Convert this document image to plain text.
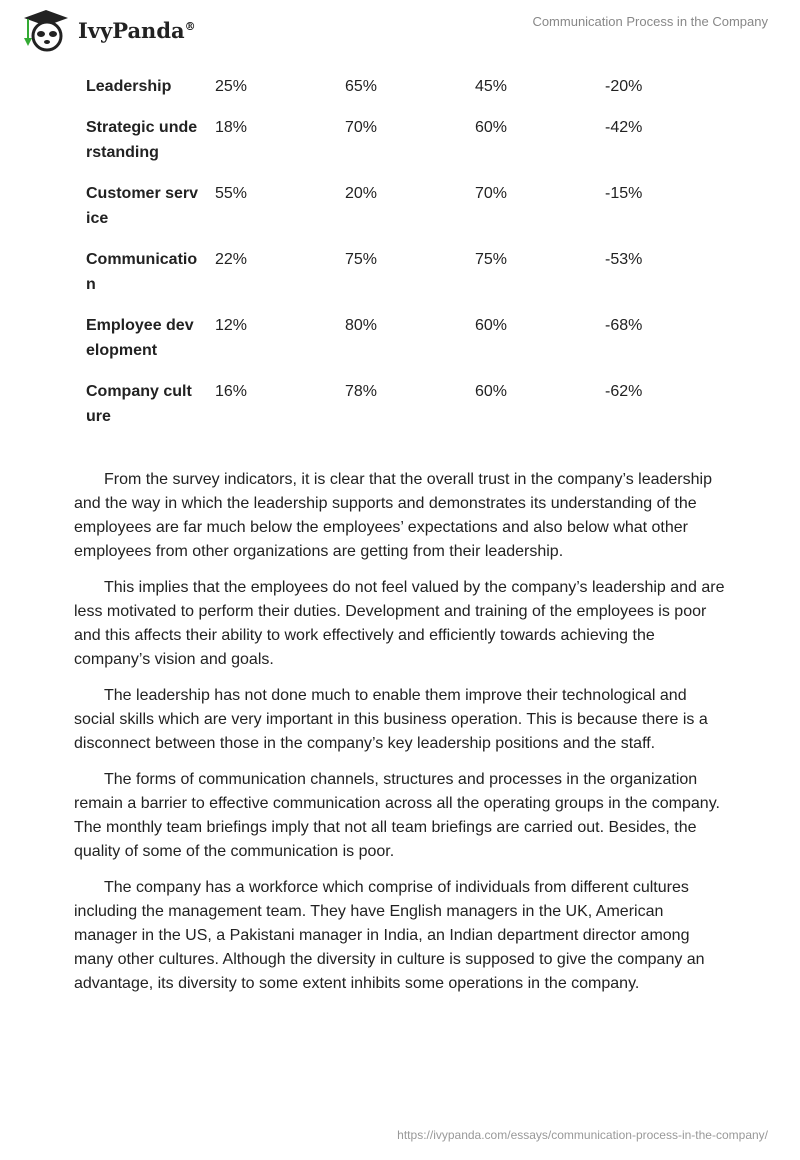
IvyPanda®	Communication Process in the Company
Leadership	25%	65%	45%	-20%
Strategic understanding	18%	70%	60%	-42%
Customer service	55%	20%	70%	-15%
Communication	22%	75%	75%	-53%
Employee development	12%	80%	60%	-68%
Company culture	16%	78%	60%	-62%

From the survey indicators, it is clear that the overall trust in the company’s leadership and the way in which the leadership supports and demonstrates its understanding of the employees are far much below the employees’ expectations and also below what other employees from other organizations are getting from their leadership.

This implies that the employees do not feel valued by the company’s leadership and are less motivated to perform their duties. Development and training of the employees is poor and this affects their ability to work effectively and efficiently towards achieving the company’s vision and goals.

The leadership has not done much to enable them improve their technological and social skills which are very important in this business operation. This is because there is a disconnect between those in the company’s key leadership positions and the staff.

The forms of communication channels, structures and processes in the organization remain a barrier to effective communication across all the operating groups in the company. The monthly team briefings imply that not all team briefings are carried out. Besides, the quality of some of the communication is poor.

The company has a workforce which comprise of individuals from different cultures including the management team. They have English managers in the UK, American manager in the US, a Pakistani manager in India, an Indian department director among many other cultures. Although the diversity in culture is supposed to give the company an advantage, its diversity to some extent inhibits some operations in the company.

https://ivypanda.com/essays/communication-process-in-the-company/
